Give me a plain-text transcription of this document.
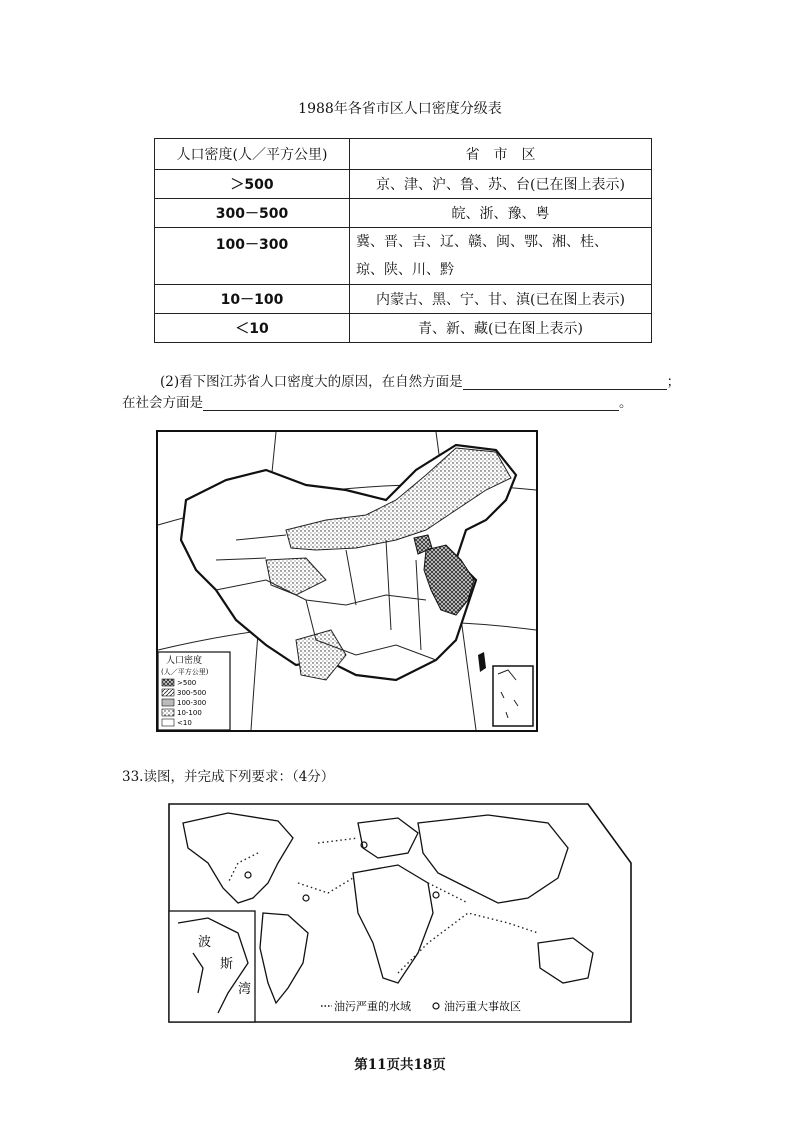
1988年各省市区人口密度分级表
人口密度(人／平方公里)	省　市　区
＞500	京、津、沪、鲁、苏、台(已在图上表示)
300－500	皖、浙、豫、粤
100－300	冀、晋、吉、辽、赣、闽、鄂、湘、桂、
琼、陕、川、黔

10－100	内蒙古、黑、宁、甘、滇(已在图上表示)
＜10	青、新、藏(已在图上表示)
(2)看下图江苏省人口密度大的原因，在自然方面是	；
在社会方面是	。
人口密度
(人／平方公里)
>500
300-500
100-300
10-100
<10
33.读图，并完成下列要求：（4分）
波
斯
湾
油污严重的水域	油污重大事故区
第11页共18页
